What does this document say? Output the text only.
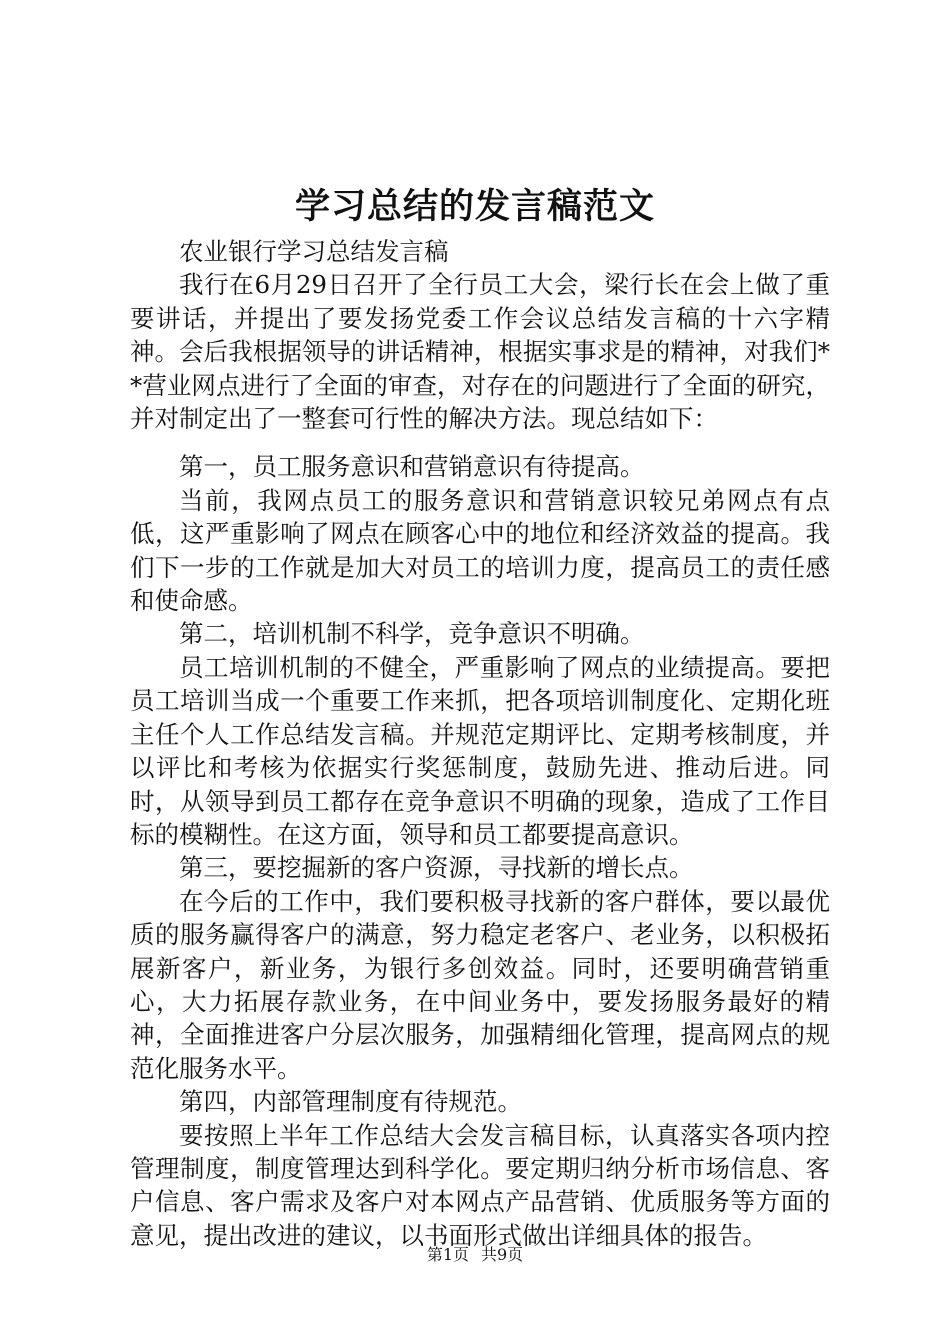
学习总结的发言稿范文

农业银行学习总结发言稿

我行在6月29日召开了全行员工大会，梁行长在会上做了重要讲话，并提出了要发扬党委工作会议总结发言稿的十六字精神。会后我根据领导的讲话精神，根据实事求是的精神，对我们**营业网点进行了全面的审查，对存在的问题进行了全面的研究，并对制定出了一整套可行性的解决方法。现总结如下：

第一，员工服务意识和营销意识有待提高。

当前，我网点员工的服务意识和营销意识较兄弟网点有点低，这严重影响了网点在顾客心中的地位和经济效益的提高。我们下一步的工作就是加大对员工的培训力度，提高员工的责任感和使命感。

第二，培训机制不科学，竞争意识不明确。

员工培训机制的不健全，严重影响了网点的业绩提高。要把员工培训当成一个重要工作来抓，把各项培训制度化、定期化班主任个人工作总结发言稿。并规范定期评比、定期考核制度，并以评比和考核为依据实行奖惩制度，鼓励先进、推动后进。同时，从领导到员工都存在竞争意识不明确的现象，造成了工作目标的模糊性。在这方面，领导和员工都要提高意识。

第三，要挖掘新的客户资源，寻找新的增长点。

在今后的工作中，我们要积极寻找新的客户群体，要以最优质的服务赢得客户的满意，努力稳定老客户、老业务，以积极拓展新客户，新业务，为银行多创效益。同时，还要明确营销重心，大力拓展存款业务，在中间业务中，要发扬服务最好的精神，全面推进客户分层次服务，加强精细化管理，提高网点的规范化服务水平。

第四，内部管理制度有待规范。

要按照上半年工作总结大会发言稿目标，认真落实各项内控管理制度，制度管理达到科学化。要定期归纳分析市场信息、客户信息、客户需求及客户对本网点产品营销、优质服务等方面的意见，提出改进的建议，以书面形式做出详细具体的报告。

第1页 共9页
